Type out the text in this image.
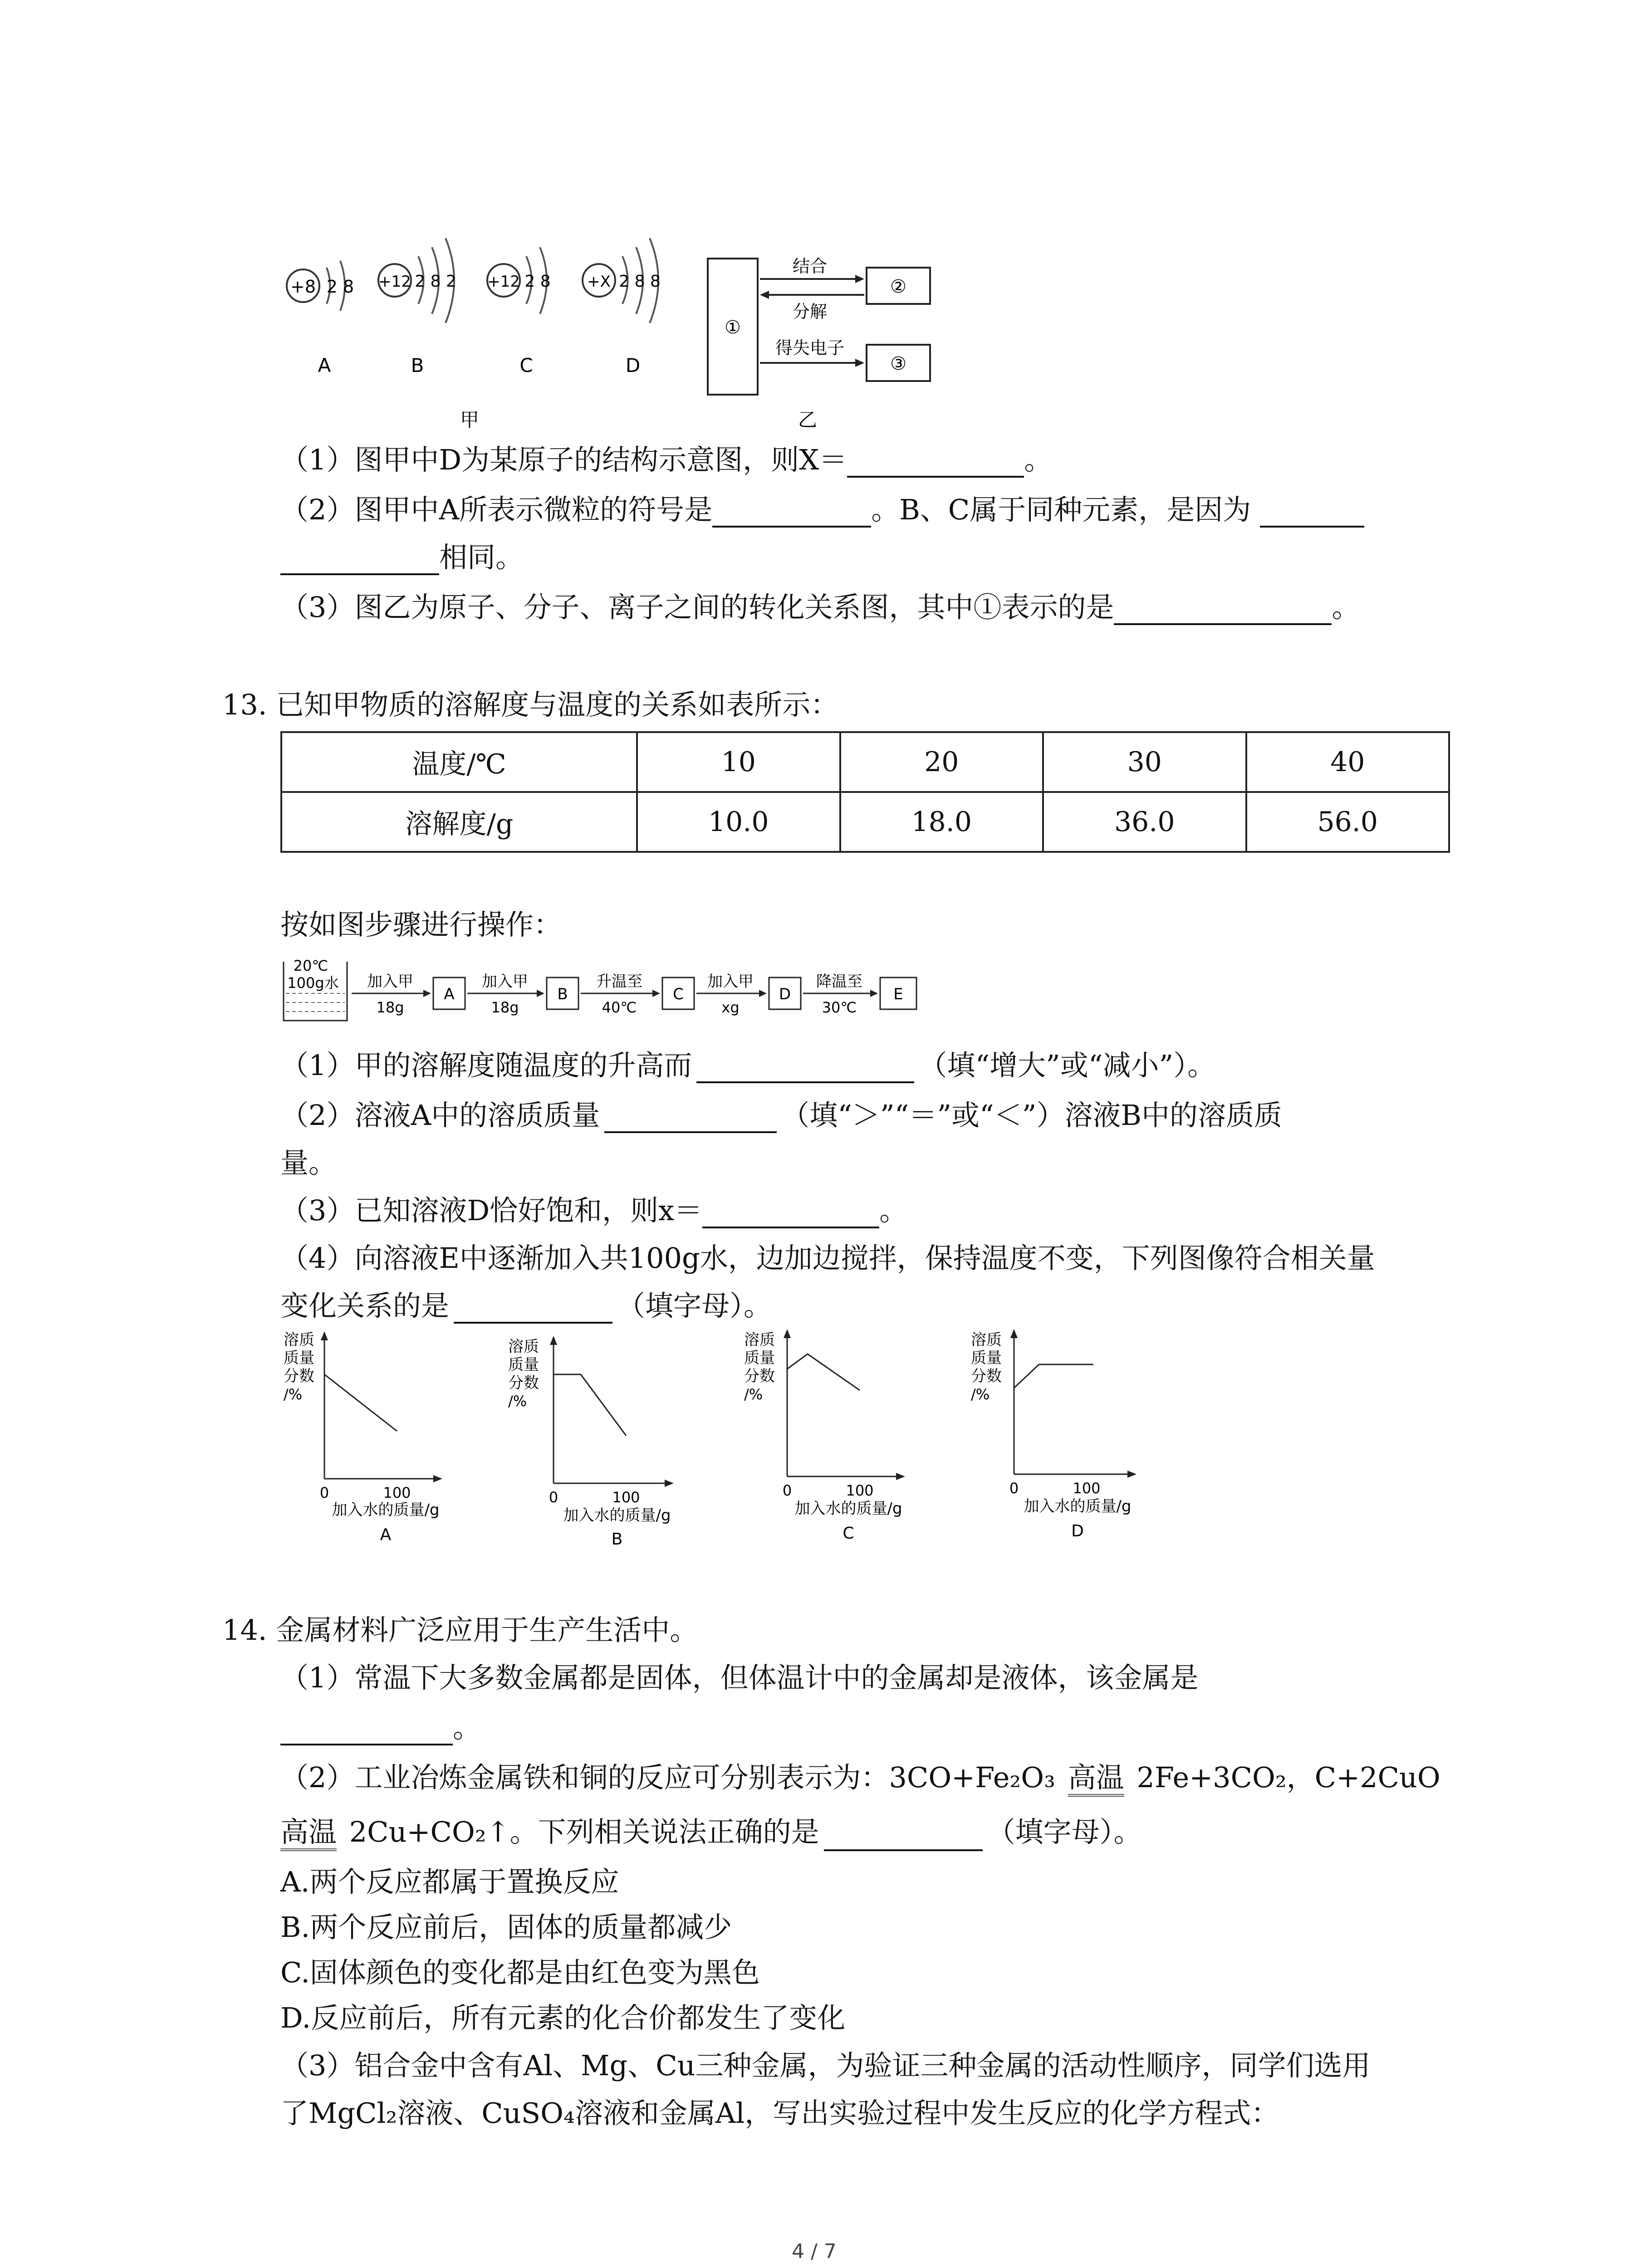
+8 2 8
A
+12 2 8 2
B
+12 2 8
C
+X 2 8 8
D
甲
①
②
③
结合
分解
得失电子
乙
（1）图甲中D为某原子的结构示意图，则X＝	。
（2）图甲中A所表示微粒的符号是	。B、C属于同种元素，是因为
相同。
（3）图乙为原子、分子、离子之间的转化关系图，其中①表示的是	。
13. 已知甲物质的溶解度与温度的关系如表所示：
温度/℃	10	20	30	40
溶解度/g	10.0	18.0	36.0	56.0
按如图步骤进行操作：
20℃
100g水 加入甲
18g
A
加入甲
18g
B
升温至
40℃
C
加入甲
xg
D
降温至
30℃
E
（1）甲的溶解度随温度的升高而	（填“增大”或“减小”）。
（2）溶液A中的溶质质量	（填“＞”“＝”或“＜”）溶液B中的溶质质
量。
（3）已知溶液D恰好饱和，则x＝	。
（4）向溶液E中逐渐加入共100g水，边加边搅拌，保持温度不变，下列图像符合相关量
变化关系的是	（填字母）。
溶质
质量
分数
/%
0	100
加入水的质量/g
A
溶质
质量
分数
/%
0	100
加入水的质量/g
B
溶质
质量
分数
/%
0	100
加入水的质量/g
C
溶质
质量
分数
/%
0	100
加入水的质量/g
D
14. 金属材料广泛应用于生产生活中。
（1）常温下大多数金属都是固体，但体温计中的金属却是液体，该金属是
。
（2）工业冶炼金属铁和铜的反应可分别表示为：3CO+Fe₂O₃ 高温 2Fe+3CO₂，C+2CuO
高温 2Cu+CO₂↑。下列相关说法正确的是	（填字母）。
A.两个反应都属于置换反应
B.两个反应前后，固体的质量都减少
C.固体颜色的变化都是由红色变为黑色
D.反应前后，所有元素的化合价都发生了变化
（3）铝合金中含有Al、Mg、Cu三种金属，为验证三种金属的活动性顺序，同学们选用
了MgCl₂溶液、CuSO₄溶液和金属Al，写出实验过程中发生反应的化学方程式：
4 / 7
